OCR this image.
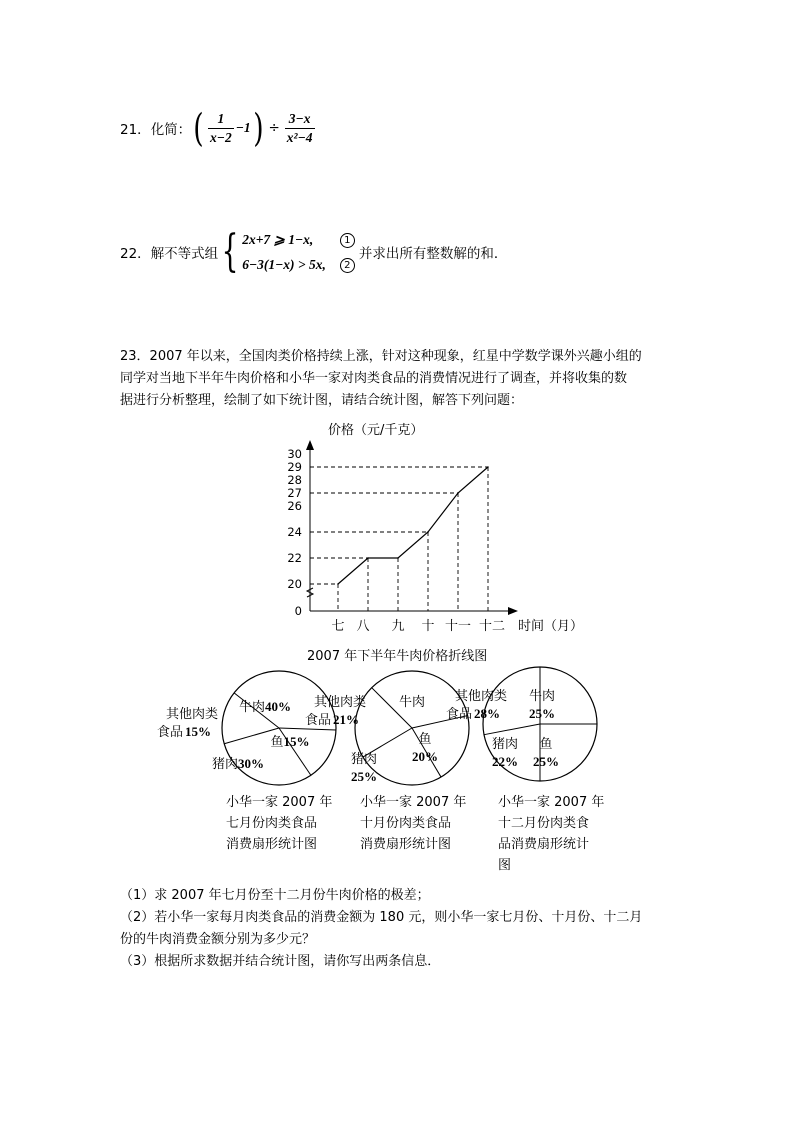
21． 化简： ( $\frac{1}{x-2} -1$ ) ÷ $\frac{3-x}{\text{x²−4}}$
22． 解不等式组 { 2x+7 ⩾ 1−x,
6−3(1−x) > 5x,
1
2
并求出所有整数解的和．
23．2007 年以来，全国肉类价格持续上涨，针对这种现象，红星中学数学课外兴趣小组的
同学对当地下半年牛肉价格和小华一家对肉类食品的消费情况进行了调查，并将收集的数
据进行分析整理，绘制了如下统计图，请结合统计图，解答下列问题：
价格（元/千克）
时间（月）
0
20
22
24
26
27
28
29
30
七 八 九 十 十一 十二
2007 年下半年牛肉价格折线图
牛肉40%
鱼15%
猪肉30%
其他肉类食品 15%
牛肉
鱼 20%
猪肉 25%
其他肉类食品 21%
牛肉 25%
鱼 25%
猪肉 22%
其他肉类食品 28%
小华一家 2007 年
七月份肉类食品
消费扇形统计图
小华一家 2007 年
十月份肉类食品
消费扇形统计图
小华一家 2007 年
十二月份肉类食
品消费扇形统计
图
（1）求 2007 年七月份至十二月份牛肉价格的极差；
（2）若小华一家每月肉类食品的消费金额为 180 元，则小华一家七月份、十月份、十二月
份的牛肉消费金额分别为多少元？
（3）根据所求数据并结合统计图，请你写出两条信息．
